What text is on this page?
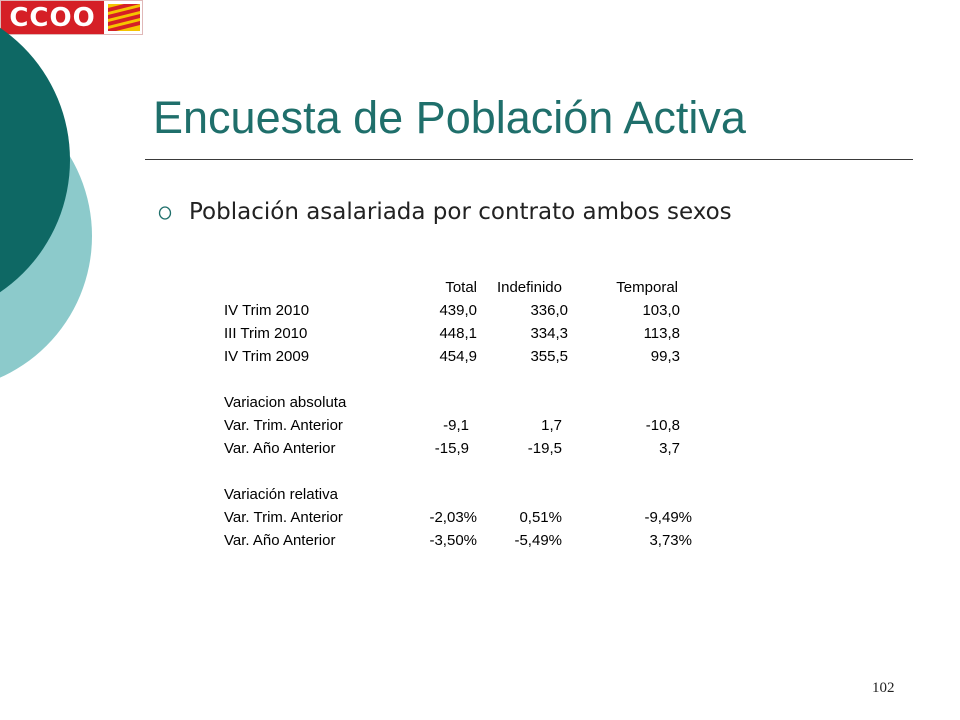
CCOO
Encuesta de Población Activa
Población asalariada por contrato ambos sexos
	Total	Indefinido	Temporal
IV Trim 2010	439,0	336,0	103,0
III Trim 2010	448,1	334,3	113,8
IV Trim 2009	454,9	355,5	99,3

Variacion absoluta			
Var. Trim. Anterior	-9,1	1,7	-10,8
Var. Año Anterior	-15,9	-19,5	3,7

Variación relativa			
Var. Trim. Anterior	-2,03%	0,51%	-9,49%
Var. Año Anterior	-3,50%	-5,49%	3,73%
102
